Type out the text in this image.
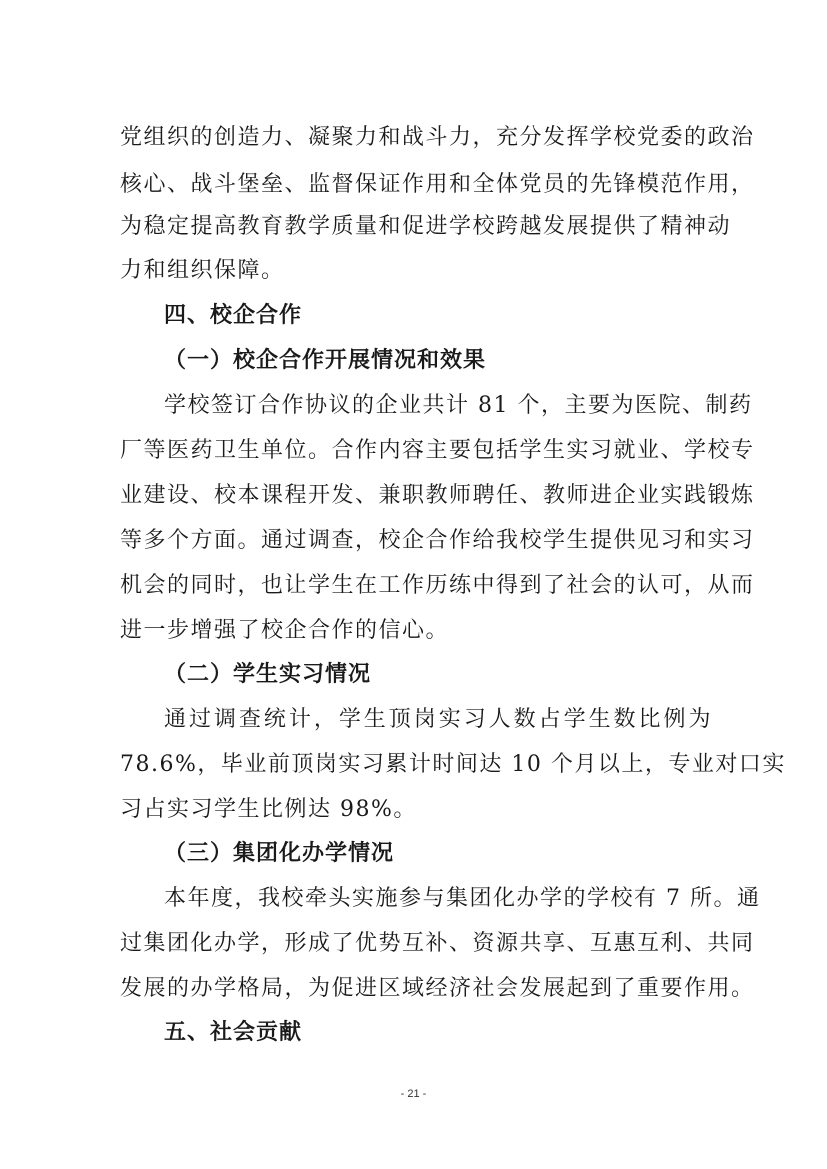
党组织的创造力、凝聚力和战斗力，充分发挥学校党委的政治
核心、战斗堡垒、监督保证作用和全体党员的先锋模范作用，
为稳定提高教育教学质量和促进学校跨越发展提供了精神动
力和组织保障。
四、校企合作
（一）校企合作开展情况和效果
学校签订合作协议的企业共计 81 个，主要为医院、制药
厂等医药卫生单位。合作内容主要包括学生实习就业、学校专
业建设、校本课程开发、兼职教师聘任、教师进企业实践锻炼
等多个方面。通过调查，校企合作给我校学生提供见习和实习
机会的同时，也让学生在工作历练中得到了社会的认可，从而
进一步增强了校企合作的信心。
（二）学生实习情况
通过调查统计，学生顶岗实习人数占学生数比例为
78.6%，毕业前顶岗实习累计时间达 10 个月以上，专业对口实
习占实习学生比例达 98%。
（三）集团化办学情况
本年度，我校牵头实施参与集团化办学的学校有 7 所。通
过集团化办学，形成了优势互补、资源共享、互惠互利、共同
发展的办学格局，为促进区域经济社会发展起到了重要作用。
五、社会贡献
- 21 -
